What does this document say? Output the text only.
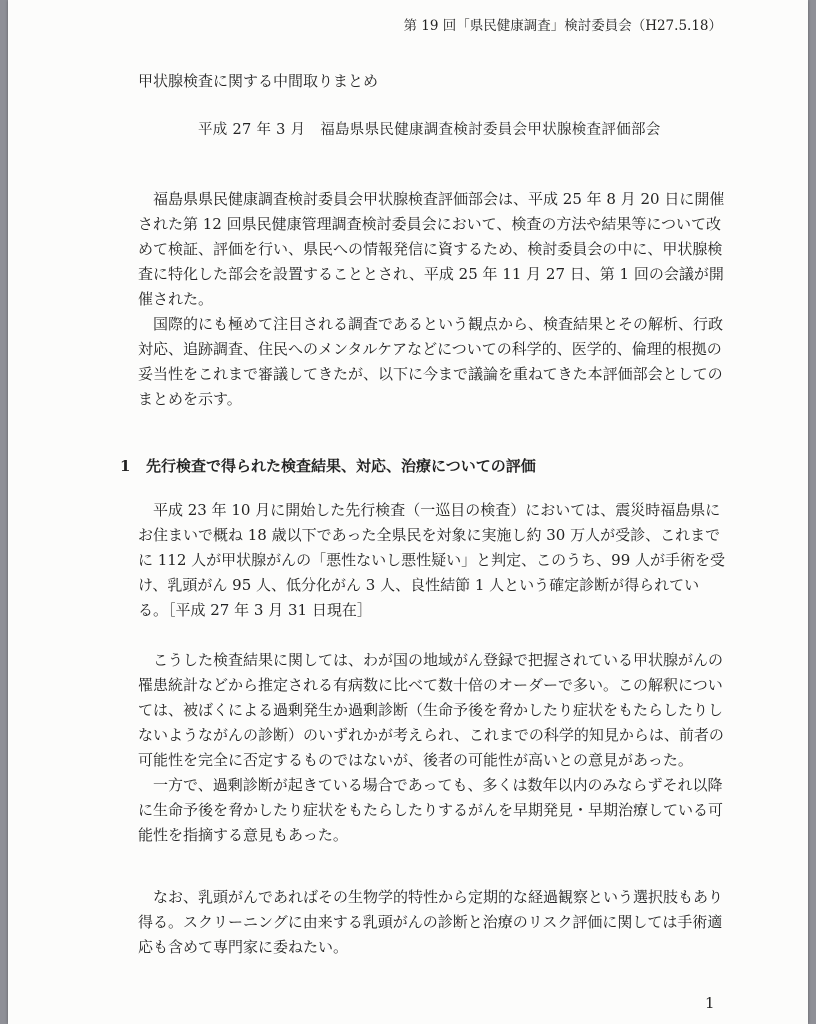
第 19 回「県民健康調査」検討委員会（H27.5.18）
甲状腺検査に関する中間取りまとめ
平成 27 年 3 月　福島県県民健康調査検討委員会甲状腺検査評価部会

福島県県民健康調査検討委員会甲状腺検査評価部会は、平成 25 年 8 月 20 日に開催された第 12 回県民健康管理調査検討委員会において、検査の方法や結果等について改めて検証、評価を行い、県民への情報発信に資するため、検討委員会の中に、甲状腺検査に特化した部会を設置することとされ、平成 25 年 11 月 27 日、第 1 回の会議が開催された。

国際的にも極めて注目される調査であるという観点から、検査結果とその解析、行政対応、追跡調査、住民へのメンタルケアなどについての科学的、医学的、倫理的根拠の妥当性をこれまで審議してきたが、以下に今まで議論を重ねてきた本評価部会としてのまとめを示す。

1 先行検査で得られた検査結果、対応、治療についての評価

平成 23 年 10 月に開始した先行検査（一巡目の検査）においては、震災時福島県にお住まいで概ね 18 歳以下であった全県民を対象に実施し約 30 万人が受診、これまでに 112 人が甲状腺がんの「悪性ないし悪性疑い」と判定、このうち、99 人が手術を受け、乳頭がん 95 人、低分化がん 3 人、良性結節 1 人という確定診断が得られている。［平成 27 年 3 月 31 日現在］

こうした検査結果に関しては、わが国の地域がん登録で把握されている甲状腺がんの罹患統計などから推定される有病数に比べて数十倍のオーダーで多い。この解釈については、被ばくによる過剰発生か過剰診断（生命予後を脅かしたり症状をもたらしたりしないようながんの診断）のいずれかが考えられ、これまでの科学的知見からは、前者の可能性を完全に否定するものではないが、後者の可能性が高いとの意見があった。

一方で、過剰診断が起きている場合であっても、多くは数年以内のみならずそれ以降に生命予後を脅かしたり症状をもたらしたりするがんを早期発見・早期治療している可能性を指摘する意見もあった。

なお、乳頭がんであればその生物学的特性から定期的な経過観察という選択肢もあり得る。スクリーニングに由来する乳頭がんの診断と治療のリスク評価に関しては手術適応も含めて専門家に委ねたい。

1
